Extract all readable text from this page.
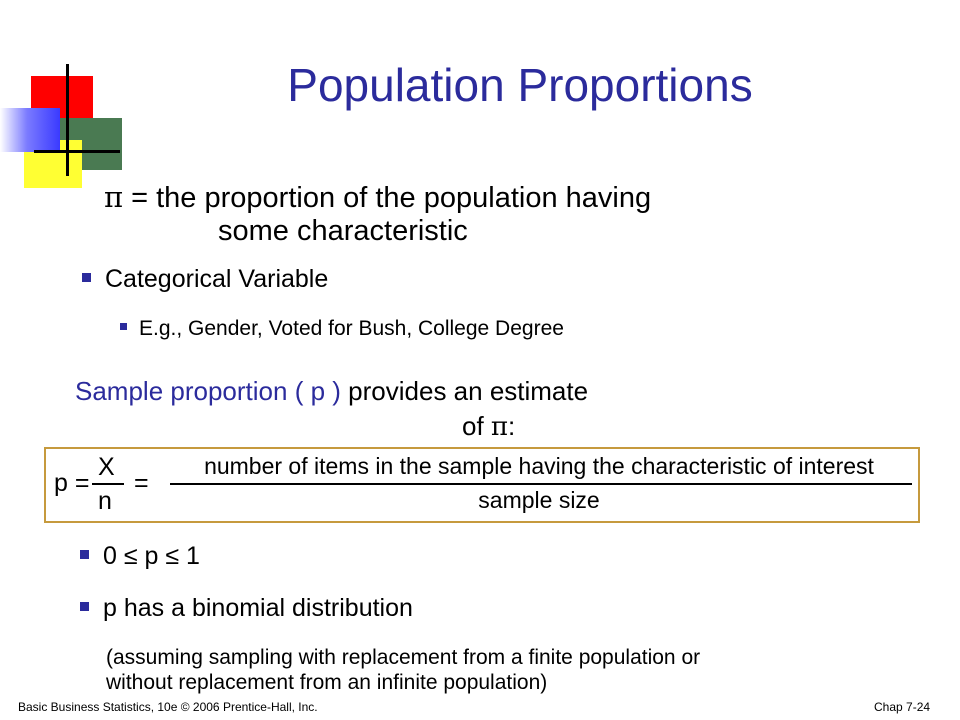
Population Proportions
π = the proportion of the population having
some characteristic
Categorical Variable
E.g., Gender, Voted for Bush, College Degree
Sample proportion ( p ) provides an estimate
of π:
p =
X
n
=
number of items in the sample having the characteristic of interest
sample size
0 ≤ p ≤ 1
p has a binomial distribution
(assuming sampling with replacement from a finite population or
without replacement from an infinite population)
Basic Business Statistics, 10e © 2006 Prentice-Hall, Inc.	Chap 7-24
